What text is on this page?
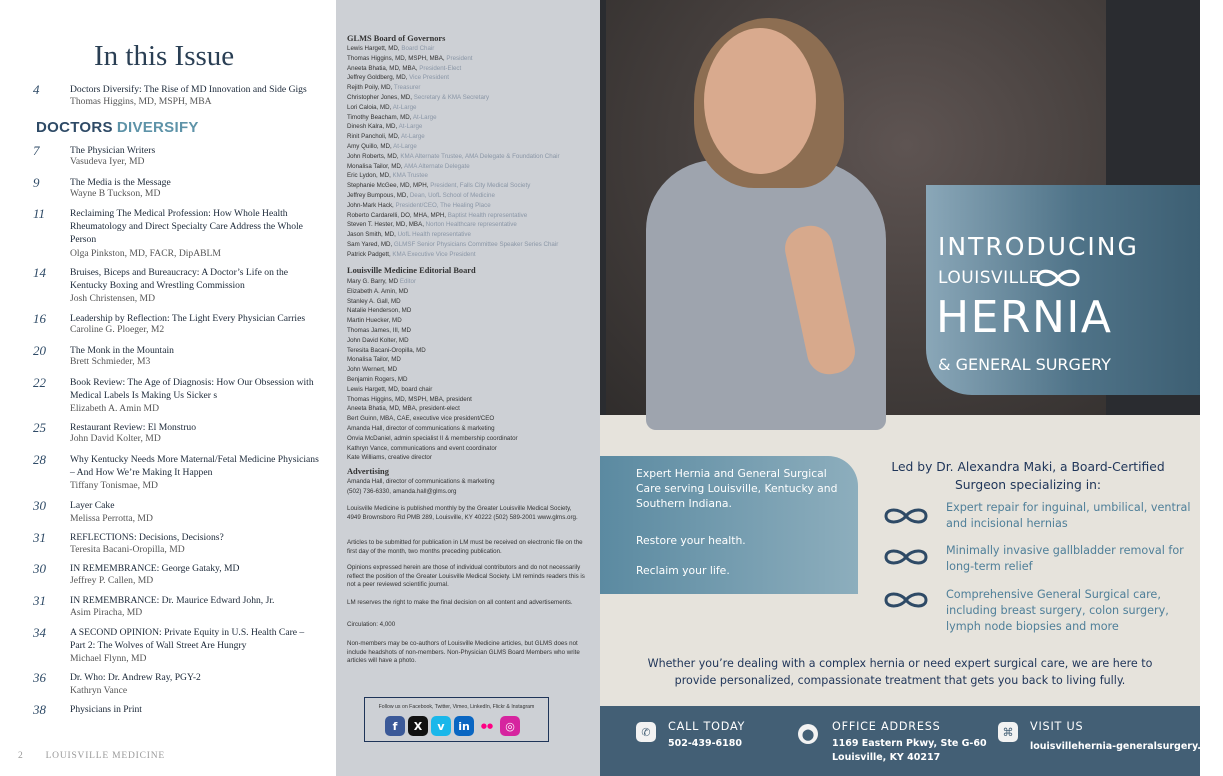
In this Issue
4	Doctors Diversify: The Rise of MD Innovation and Side Gigs
Thomas Higgins, MD, MSPH, MBA
DOCTORS DIVERSIFY
7	The Physician Writers
Vasudeva Iyer, MD
9	The Media is the Message
Wayne B Tuckson, MD
11	Reclaiming The Medical Profession: How Whole Health Rheumatology and Direct Specialty Care Address the Whole Person
Olga Pinkston, MD, FACR, DipABLM
14	Bruises, Biceps and Bureaucracy: A Doctor’s Life on the Kentucky Boxing and Wrestling Commission
Josh Christensen, MD
16	Leadership by Reflection: The Light Every Physician Carries
Caroline G. Ploeger, M2
20	The Monk in the Mountain
Brett Schmieder, M3
22	Book Review: The Age of Diagnosis: How Our Obsession with Medical Labels Is Making Us Sicker s
Elizabeth A. Amin MD
25	Restaurant Review: El Monstruo
John David Kolter, MD
28	Why Kentucky Needs More Maternal/Fetal Medicine Physicians – And How We’re Making It Happen
Tiffany Tonismae, MD
30	Layer Cake
Melissa Perrotta, MD
31	REFLECTIONS: Decisions, Decisions?
Teresita Bacani-Oropilla, MD
30	IN REMEMBRANCE: George Gataky, MD
Jeffrey P. Callen, MD
31	IN REMEMBRANCE: Dr. Maurice Edward John, Jr.
Asim Piracha, MD
34	A SECOND OPINION: Private Equity in U.S. Health Care – Part 2: The Wolves of Wall Street Are Hungry
Michael Flynn, MD
36	Dr. Who: Dr. Andrew Ray, PGY-2
Kathryn Vance
38	Physicians in Print
2 LOUISVILLE MEDICINE
GLMS Board of Governors
Lewis Hargett, MD, Board Chair
Thomas Higgins, MD, MSPH, MBA, President
Aneeta Bhatia, MD, MBA, President-Elect
Jeffrey Goldberg, MD, Vice President
Rejith Poily, MD, Treasurer
Christopher Jones, MD, Secretary & KMA Secretary
Lori Caloia, MD, At-Large
Timothy Beacham, MD, At-Large
Dinesh Kalra, MD, At-Large
Rinit Pancholi, MD, At-Large
Amy Quillo, MD, At-Large
John Roberts, MD, KMA Alternate Trustee, AMA Delegate & Foundation Chair
Monalisa Tailor, MD, AMA Alternate Delegate
Eric Lydon, MD, KMA Trustee
Stephanie McGee, MD, MPH, President, Falls City Medical Society
Jeffrey Bumpous, MD, Dean, UofL School of Medicine
John-Mark Hack, President/CEO, The Healing Place
Roberto Cardarelli, DO, MHA, MPH, Baptist Health representative
Steven T. Hester, MD, MBA, Norton Healthcare representative
Jason Smith, MD, UofL Health representative
Sam Yared, MD, GLMSF Senior Physicians Committee Speaker Series Chair
Patrick Padgett, KMA Executive Vice President
Louisville Medicine Editorial Board
Mary G. Barry, MD Editor
Elizabeth A. Amin, MD
Stanley A. Gall, MD
Natalie Henderson, MD
Martin Huecker, MD
Thomas James, III, MD
John David Kolter, MD
Teresita Bacani-Oropilla, MD
Monalisa Tailor, MD
John Wernert, MD
Benjamin Rogers, MD
Lewis Hargett, MD, board chair
Thomas Higgins, MD, MSPH, MBA, president
Aneeta Bhatia, MD, MBA, president-elect
Bert Guinn, MBA, CAE, executive vice president/CEO
Amanda Hall, director of communications & marketing
Onvia McDaniel, admin specialist II & membership coordinator
Kathryn Vance, communications and event coordinator
Kate Williams, creative director
Advertising
Amanda Hall, director of communications & marketing
(502) 736-6330, amanda.hall@glms.org
Louisville Medicine is published monthly by the Greater Louisville Medical Society, 4949 Brownsboro Rd PMB 289, Louisville, KY 40222 (502) 589-2001 www.glms.org.
Articles to be submitted for publication in LM must be received on electronic file on the first day of the month, two months preceding publication.
Opinions expressed herein are those of individual contributors and do not necessarily reflect the position of the Greater Louisville Medical Society. LM reminds readers this is not a peer reviewed scientific journal.
LM reserves the right to make the final decision on all content and advertisements.
Circulation: 4,000
Non-members may be co-authors of Louisville Medicine articles, but GLMS does not include headshots of non-members. Non-Physician GLMS Board Members who write articles will have a photo.
Follow us on Facebook, Twitter, Vimeo, LinkedIn, Flickr & Instagram
f	X	v	in	●●	◎
INTRODUCING
LOUISVILLE
HERNIA
& GENERAL SURGERY
Expert Hernia and General Surgical Care serving Louisville, Kentucky and Southern Indiana.
Restore your health.
Reclaim your life.
Led by Dr. Alexandra Maki, a Board-Certified Surgeon specializing in:
Expert repair for inguinal, umbilical, ventral and incisional hernias
Minimally invasive gallbladder removal for long-term relief
Comprehensive General Surgical care, including breast surgery, colon surgery, lymph node biopsies and more
Whether you’re dealing with a complex hernia or need expert surgical care, we are here to provide personalized, compassionate treatment that gets you back to living fully.
✆	CALL TODAY
502-439-6180
⬤
OFFICE ADDRESS
1169 Eastern Pkwy, Ste G-60
Louisville, KY 40217
⌘	VISIT US
louisvillehernia-generalsurgery.com
